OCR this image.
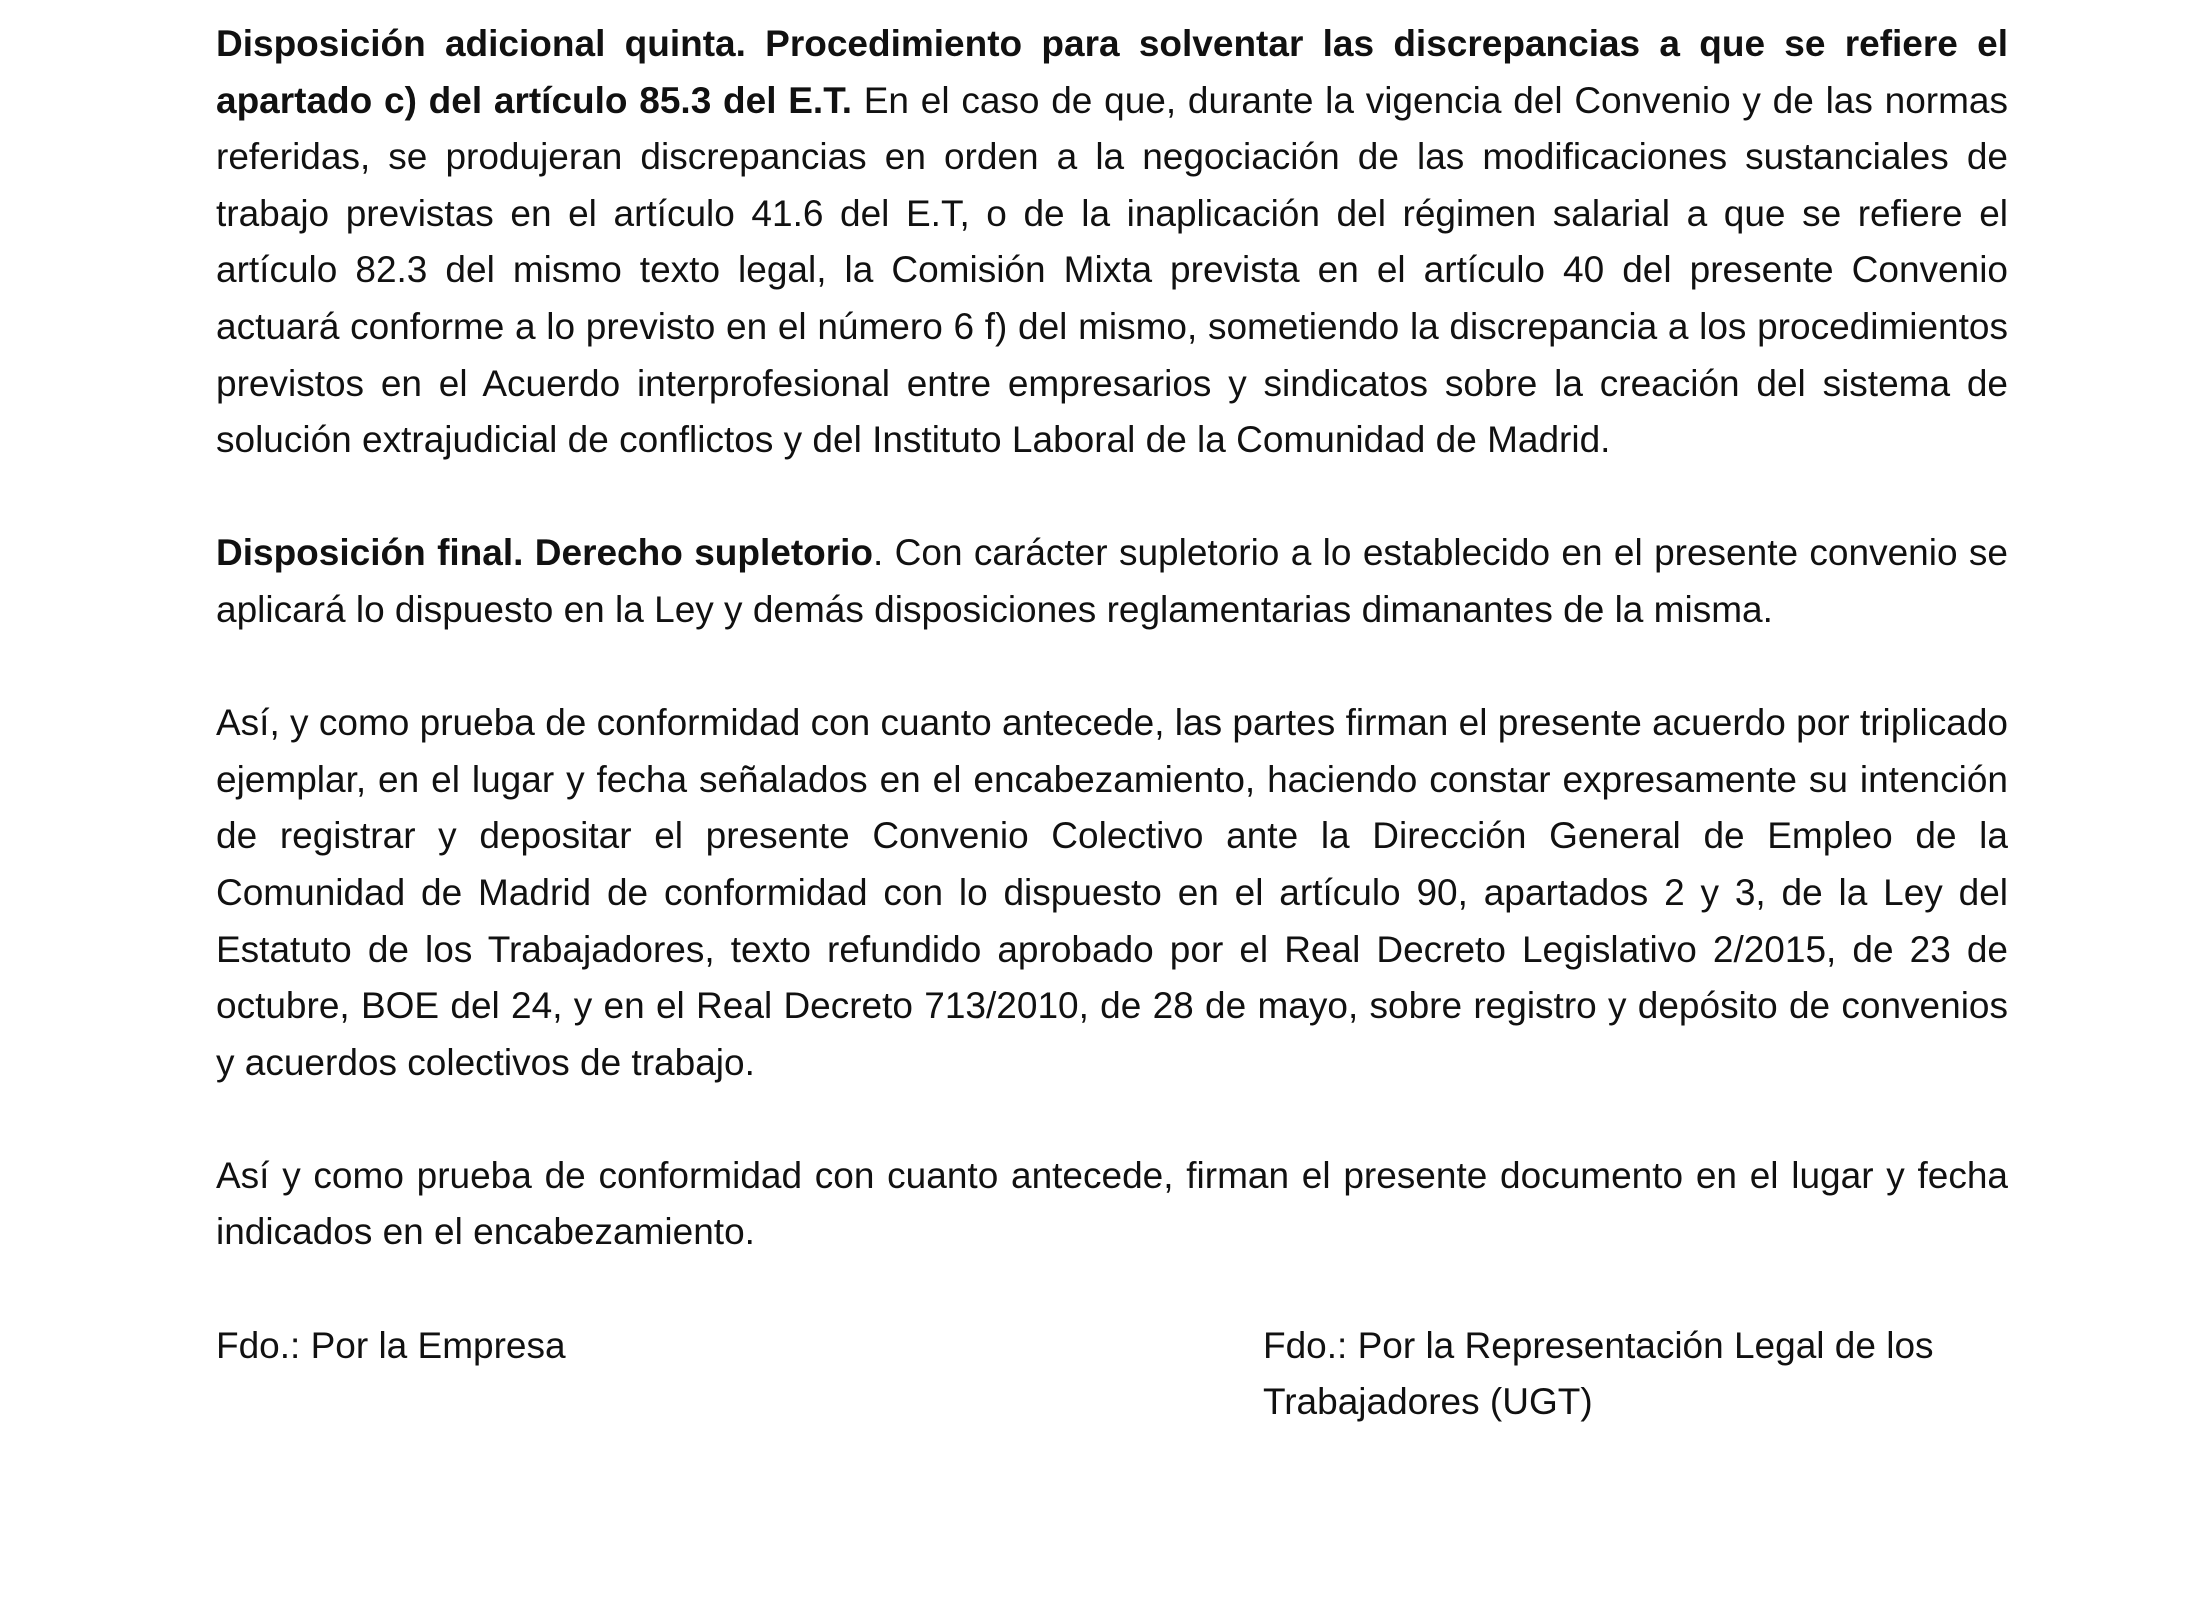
Disposición adicional quinta. Procedimiento para solventar las discrepancias a que se refiere el apartado c) del artículo 85.3 del E.T. En el caso de que, durante la vigencia del Convenio y de las normas referidas, se produjeran discrepancias en orden a la negociación de las modificaciones sustanciales de trabajo previstas en el artículo 41.6 del E.T, o de la inaplicación del régimen salarial a que se refiere el artículo 82.3 del mismo texto legal, la Comisión Mixta prevista en el artículo 40 del presente Convenio actuará conforme a lo previsto en el número 6 f) del mismo, sometiendo la discrepancia a los procedimientos previstos en el Acuerdo interprofesional entre empresarios y sindicatos sobre la creación del sistema de solución extrajudicial de conflictos y del Instituto Laboral de la Comunidad de Madrid.

Disposición final. Derecho supletorio. Con carácter supletorio a lo establecido en el presente convenio se aplicará lo dispuesto en la Ley y demás disposiciones reglamentarias dimanantes de la misma.

Así, y como prueba de conformidad con cuanto antecede, las partes firman el presente acuerdo por triplicado ejemplar, en el lugar y fecha señalados en el encabezamiento, haciendo constar expresamente su intención de registrar y depositar el presente Convenio Colectivo ante la Dirección General de Empleo de la Comunidad de Madrid de conformidad con lo dispuesto en el artículo 90, apartados 2 y 3, de la Ley del Estatuto de los Trabajadores, texto refundido aprobado por el Real Decreto Legislativo 2/2015, de 23 de octubre, BOE del 24, y en el Real Decreto 713/2010, de 28 de mayo, sobre registro y depósito de convenios y acuerdos colectivos de trabajo.

Así y como prueba de conformidad con cuanto antecede, firman el presente documento en el lugar y fecha indicados en el encabezamiento.

Fdo.: Por la Empresa	Fdo.: Por la Representación Legal de los
Trabajadores (UGT)
